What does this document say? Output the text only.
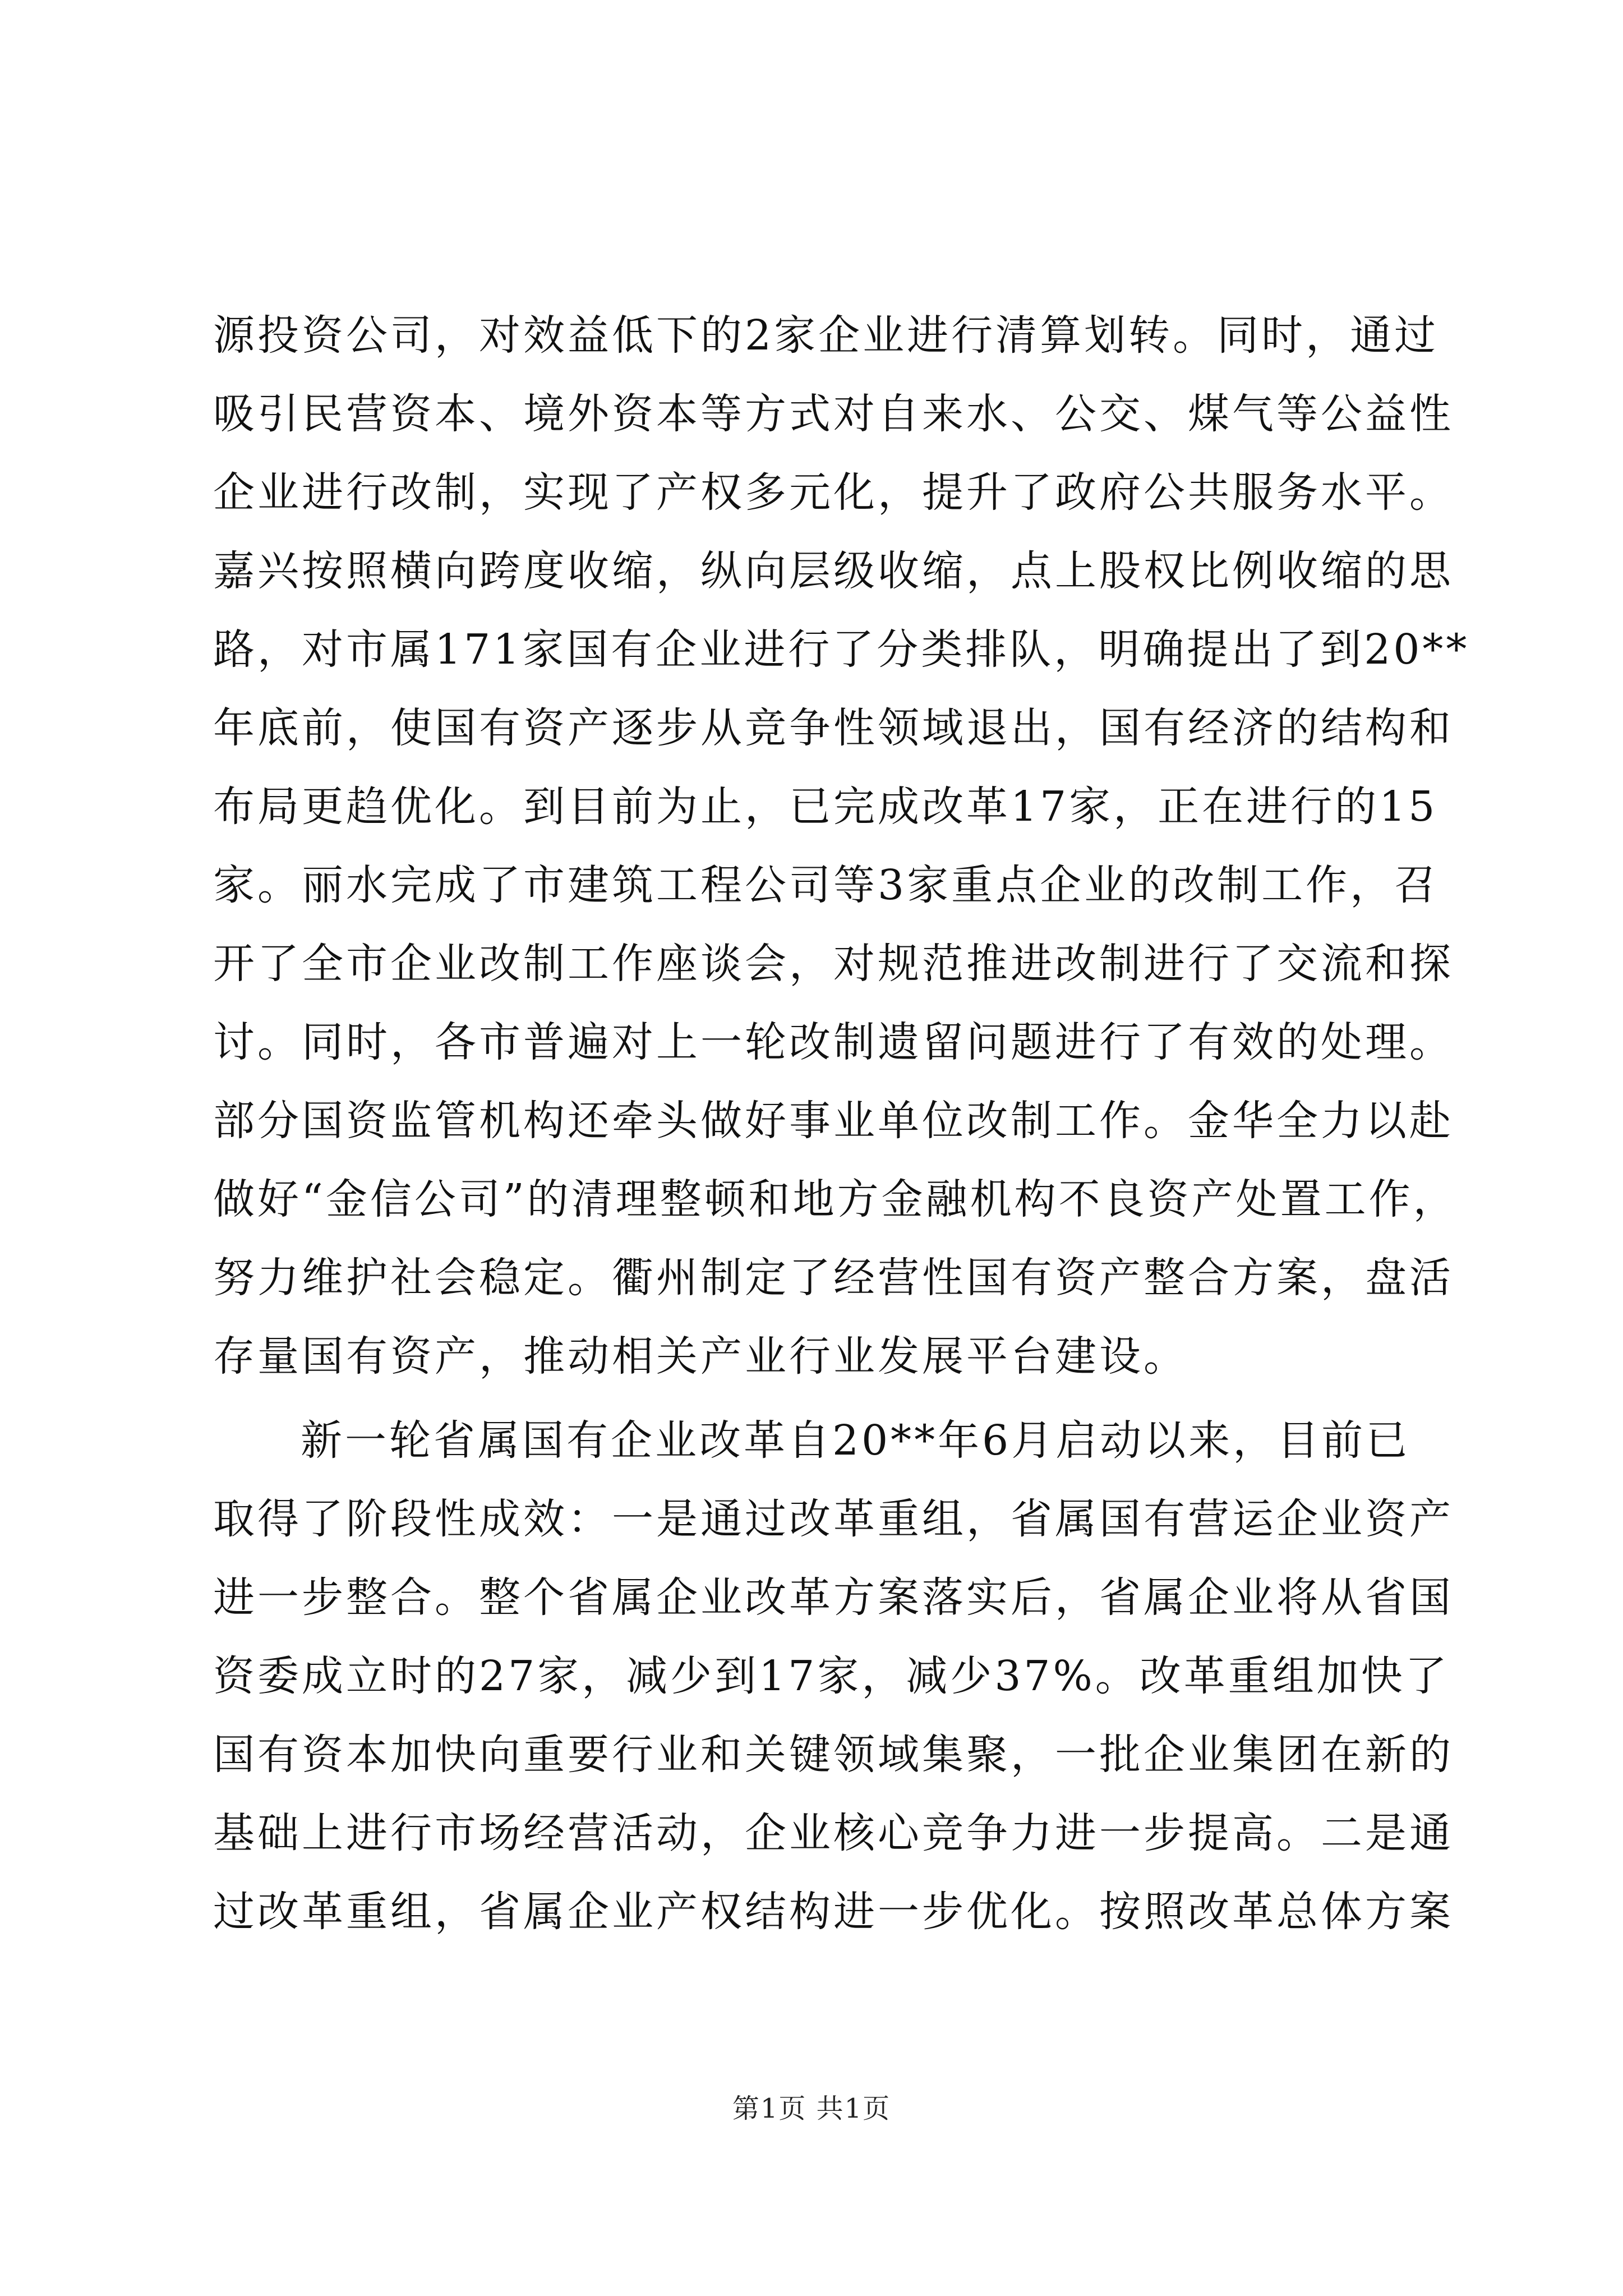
源投资公司，对效益低下的2家企业进行清算划转。同时，通过
吸引民营资本、境外资本等方式对自来水、公交、煤气等公益性
企业进行改制，实现了产权多元化，提升了政府公共服务水平。
嘉兴按照横向跨度收缩，纵向层级收缩，点上股权比例收缩的思
路，对市属171家国有企业进行了分类排队，明确提出了到20**
年底前，使国有资产逐步从竞争性领域退出，国有经济的结构和
布局更趋优化。到目前为止，已完成改革17家，正在进行的15
家。丽水完成了市建筑工程公司等3家重点企业的改制工作，召
开了全市企业改制工作座谈会，对规范推进改制进行了交流和探
讨。同时，各市普遍对上一轮改制遗留问题进行了有效的处理。
部分国资监管机构还牵头做好事业单位改制工作。金华全力以赴
做好“金信公司”的清理整顿和地方金融机构不良资产处置工作，
努力维护社会稳定。衢州制定了经营性国有资产整合方案，盘活
存量国有资产，推动相关产业行业发展平台建设。
新一轮省属国有企业改革自20**年6月启动以来，目前已
取得了阶段性成效：一是通过改革重组，省属国有营运企业资产
进一步整合。整个省属企业改革方案落实后，省属企业将从省国
资委成立时的27家，减少到17家，减少37%。改革重组加快了
国有资本加快向重要行业和关键领域集聚，一批企业集团在新的
基础上进行市场经营活动，企业核心竞争力进一步提高。二是通
过改革重组，省属企业产权结构进一步优化。按照改革总体方案
第1页 共1页
